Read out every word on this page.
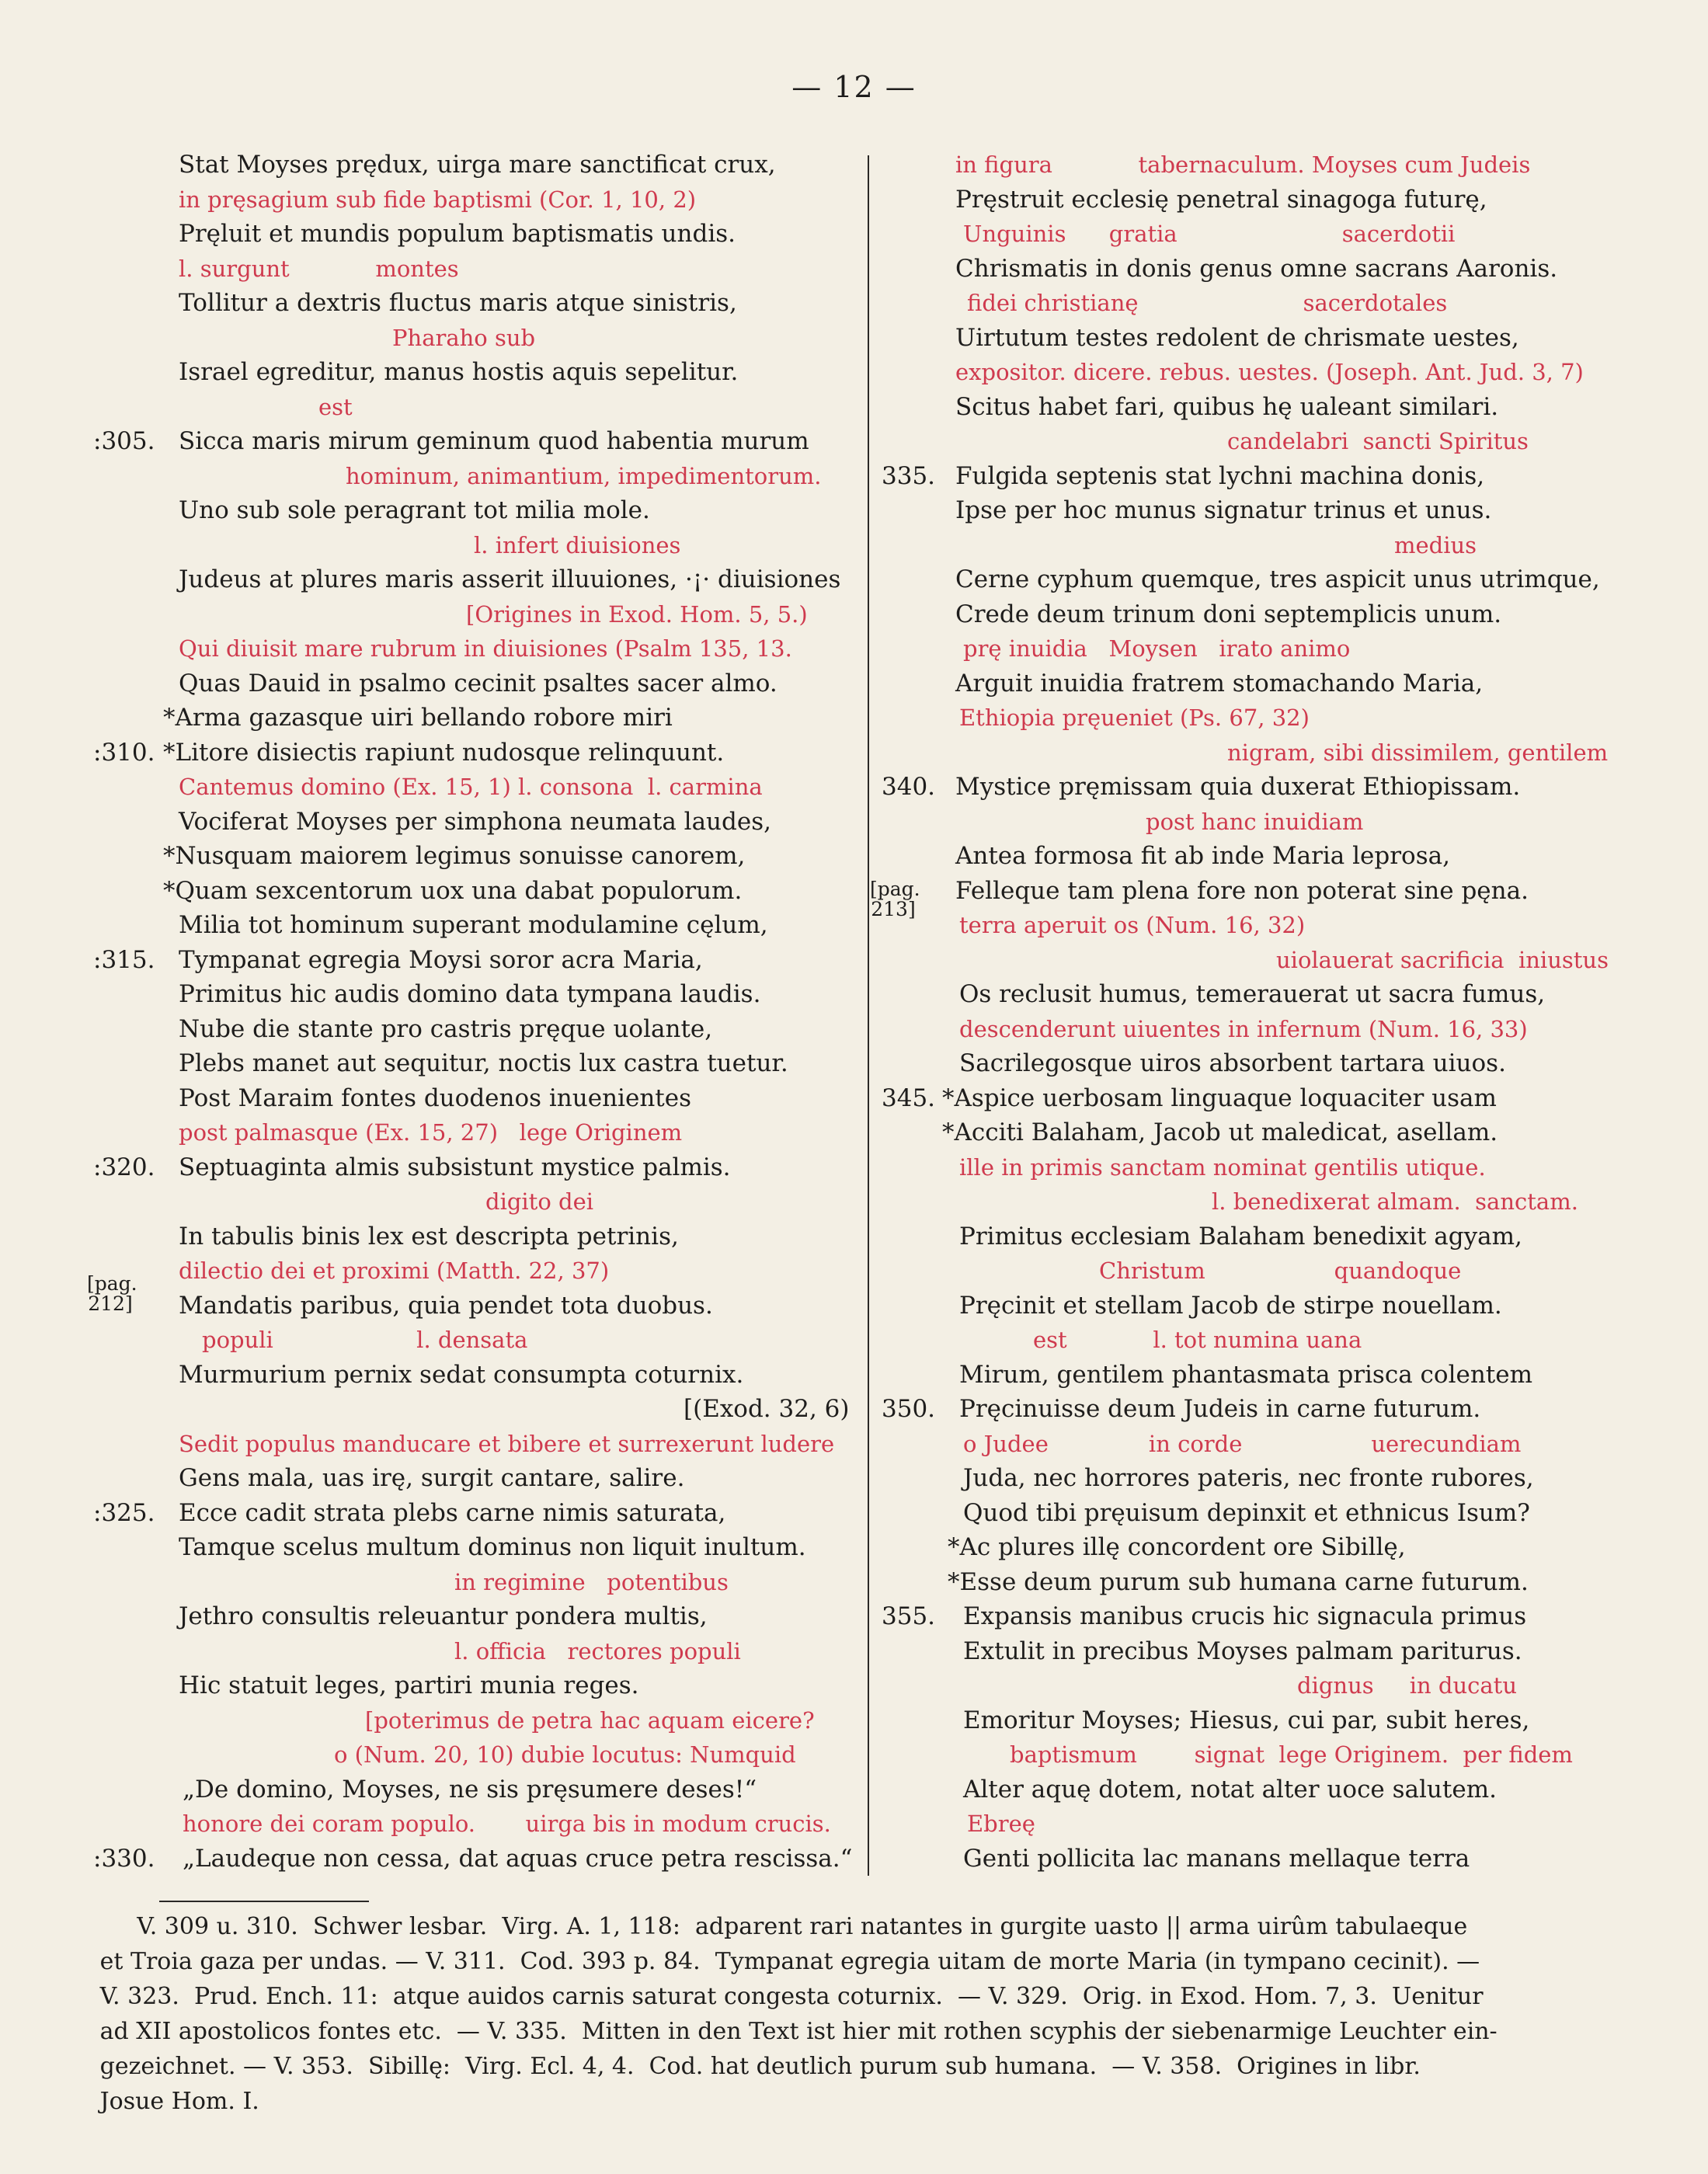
— 12 —
Stat Moyses prędux, uirga mare sanctificat crux,
in pręsagium sub fide baptismi (Cor. 1, 10, 2)
Pręluit et mundis populum baptismatis undis.
l. surgunt            montes
Tollitur a dextris fluctus maris atque sinistris,
Pharaho sub
Israel egreditur, manus hostis aquis sepelitur.
est
:305. Sicca maris mirum geminum quod habentia murum
hominum, animantium, impedimentorum.
Uno sub sole peragrant tot milia mole.
l. infert diuisiones
Judeus at plures maris asserit illuuiones, ·¡· diuisiones
[Origines in Exod. Hom. 5, 5.)
Qui diuisit mare rubrum in diuisiones (Psalm 135, 13.
Quas Dauid in psalmo cecinit psaltes sacer almo.
*Arma gazasque uiri bellando robore miri
:310. *Litore disiectis rapiunt nudosque relinquunt.
Cantemus domino (Ex. 15, 1) l. consona  l. carmina
Vociferat Moyses per simphona neumata laudes,
*Nusquam maiorem legimus sonuisse canorem,
*Quam sexcentorum uox una dabat populorum.
Milia tot hominum superant modulamine cęlum,
:315. Tympanat egregia Moysi soror acra Maria,
Primitus hic audis domino data tympana laudis.
Nube die stante pro castris pręque uolante,
Plebs manet aut sequitur, noctis lux castra tuetur.
Post Maraim fontes duodenos inuenientes
post palmasque (Ex. 15, 27)   lege Originem
:320. Septuaginta almis subsistunt mystice palmis.
digito dei
In tabulis binis lex est descripta petrinis,
dilectio dei et proximi (Matth. 22, 37)
Mandatis paribus, quia pendet tota duobus.
populi                    l. densata
Murmurium pernix sedat consumpta coturnix.
[(Exod. 32, 6)
Sedit populus manducare et bibere et surrexerunt ludere
Gens mala, uas irę, surgit cantare, salire.
:325. Ecce cadit strata plebs carne nimis saturata,
Tamque scelus multum dominus non liquit inultum.
in regimine   potentibus
Jethro consultis releuantur pondera multis,
l. officia   rectores populi
Hic statuit leges, partiri munia reges.
[poterimus de petra hac aquam eicere?
o (Num. 20, 10) dubie locutus: Numquid
„De domino, Moyses, ne sis pręsumere deses!“
honore dei coram populo.       uirga bis in modum crucis.
:330. „Laudeque non cessa, dat aquas cruce petra rescissa.“
in figura            tabernaculum. Moyses cum Judeis
Pręstruit ecclesię penetral sinagoga futurę,
Unguinis      gratia                       sacerdotii
Chrismatis in donis genus omne sacrans Aaronis.
fidei christianę                       sacerdotales
Uirtutum testes redolent de chrismate uestes,
expositor. dicere. rebus. uestes. (Joseph. Ant. Jud. 3, 7)
Scitus habet fari, quibus hę ualeant similari.
candelabri  sancti Spiritus
335. Fulgida septenis stat lychni machina donis,
Ipse per hoc munus signatur trinus et unus.
medius
Cerne cyphum quemque, tres aspicit unus utrimque,
Crede deum trinum doni septemplicis unum.
prę inuidia   Moysen   irato animo
Arguit inuidia fratrem stomachando Maria,
Ethiopia pręueniet (Ps. 67, 32)
nigram, sibi dissimilem, gentilem
340. Mystice pręmissam quia duxerat Ethiopissam.
post hanc inuidiam
Antea formosa fit ab inde Maria leprosa,
Felleque tam plena fore non poterat sine pęna.
terra aperuit os (Num. 16, 32)
uiolauerat sacrificia  iniustus
Os reclusit humus, temerauerat ut sacra fumus,
descenderunt uiuentes in infernum (Num. 16, 33)
Sacrilegosque uiros absorbent tartara uiuos.
345. *Aspice uerbosam linguaque loquaciter usam
*Acciti Balaham, Jacob ut maledicat, asellam.
ille in primis sanctam nominat gentilis utique.
l. benedixerat almam.  sanctam.
Primitus ecclesiam Balaham benedixit agyam,
Christum                  quandoque
Pręcinit et stellam Jacob de stirpe nouellam.
est            l. tot numina uana
Mirum, gentilem phantasmata prisca colentem
350. Pręcinuisse deum Judeis in carne futurum.
o Judee              in corde                  uerecundiam
Juda, nec horrores pateris, nec fronte rubores,
Quod tibi pręuisum depinxit et ethnicus Isum?
*Ac plures illę concordent ore Sibillę,
*Esse deum purum sub humana carne futurum.
355. Expansis manibus crucis hic signacula primus
Extulit in precibus Moyses palmam pariturus.
dignus     in ducatu
Emoritur Moyses; Hiesus, cui par, subit heres,
baptismum        signat  lege Originem.  per fidem
Alter aquę dotem, notat alter uoce salutem.
Ebreę
Genti pollicita lac manans mellaque terra
[pag.
212]
[pag.
213]
V. 309 u. 310.  Schwer lesbar.  Virg. A. 1, 118:  adparent rari natantes in gurgite uasto || arma uirûm tabulaeque
et Troia gaza per undas. — V. 311.  Cod. 393 p. 84.  Tympanat egregia uitam de morte Maria (in tympano cecinit). —
V. 323.  Prud. Ench. 11:  atque auidos carnis saturat congesta coturnix.  — V. 329.  Orig. in Exod. Hom. 7, 3.  Uenitur
ad XII apostolicos fontes etc.  — V. 335.  Mitten in den Text ist hier mit rothen scyphis der siebenarmige Leuchter ein-
gezeichnet. — V. 353.  Sibillę:  Virg. Ecl. 4, 4.  Cod. hat deutlich purum sub humana.  — V. 358.  Origines in libr.
Josue Hom. I.
